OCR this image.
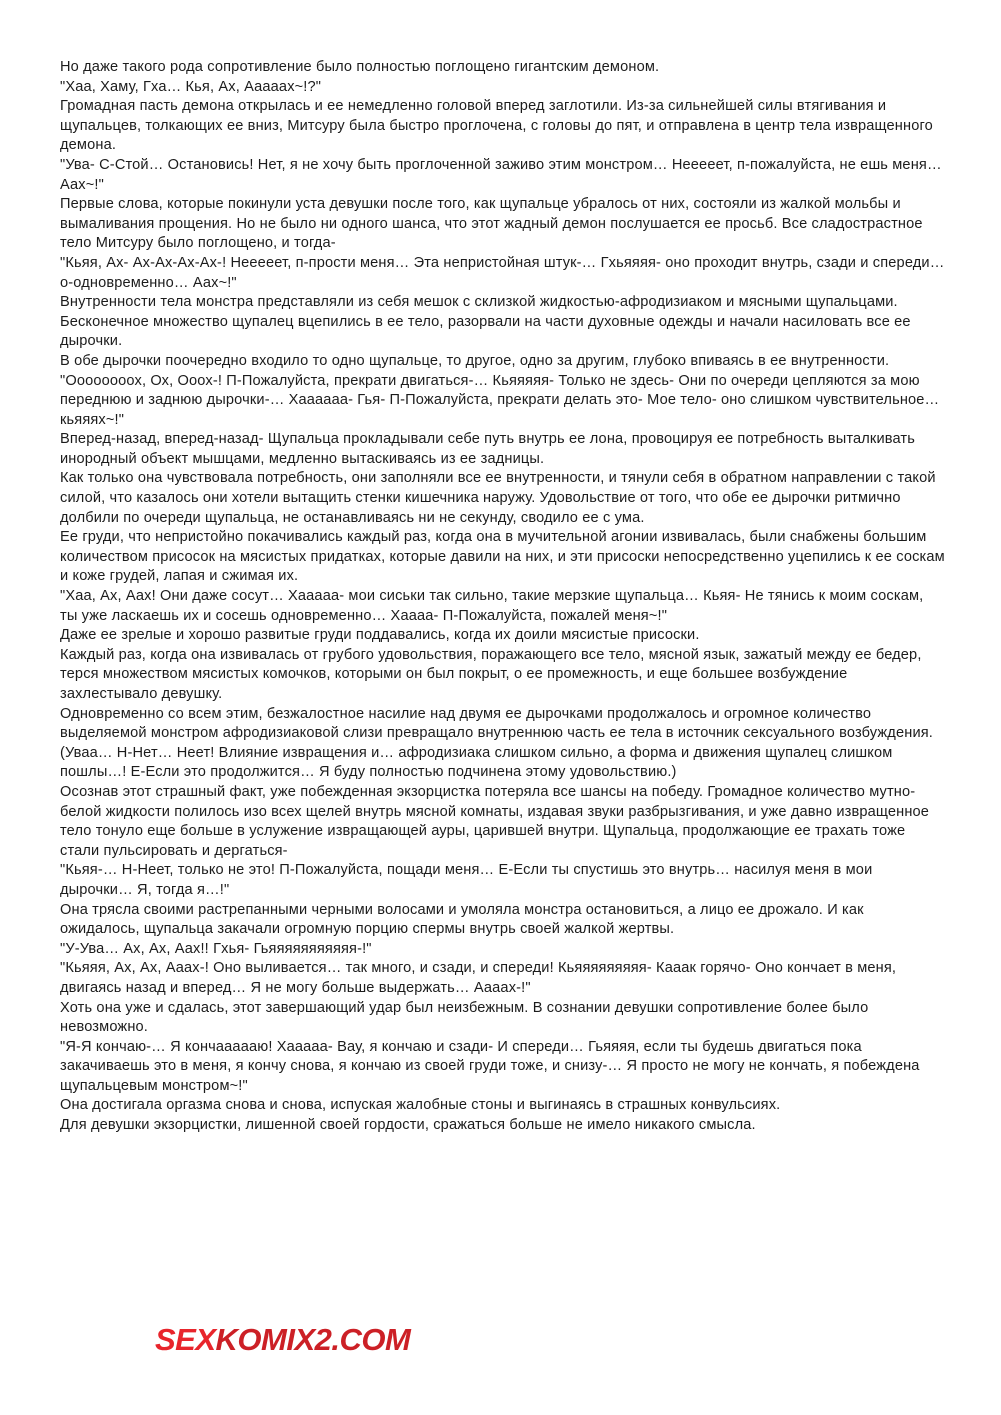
Но даже такого рода сопротивление было полностью поглощено гигантским демоном.

"Хаа, Хаму, Гха… Кья, Ах, Ааааах~!?"

Громадная пасть демона открылась и ее немедленно головой вперед заглотили. Из-за сильнейшей силы втягивания и щупальцев, толкающих ее вниз, Митсуру была быстро проглочена, с головы до пят, и отправлена в центр тела извращенного демона.

"Ува- С-Стой… Остановись! Нет, я не хочу быть проглоченной заживо этим монстром… Нееееет, п-пожалуйста, не ешь меня… Аах~!"

Первые слова, которые покинули уста девушки после того, как щупальце убралось от них, состояли из жалкой мольбы и вымаливания прощения. Но не было ни одного шанса, что этот жадный демон послушается ее просьб. Все сладострастное тело Митсуру было поглощено, и тогда-

"Кьяя, Ах- Ах-Ах-Ах-Ах-! Нееееет, п-прости меня… Эта непристойная штук-… Гхьяяяя- оно проходит внутрь, сзади и спереди… о-одновременно… Аах~!"

Внутренности тела монстра представляли из себя мешок с склизкой жидкостью-афродизиаком и мясными щупальцами. Бесконечное множество щупалец вцепились в ее тело, разорвали на части духовные одежды и начали насиловать все ее дырочки.

В обе дырочки поочередно входило то одно щупальце, то другое, одно за другим, глубоко впиваясь в ее внутренности.

"Оооооооох, Ох, Ооох-! П-Пожалуйста, прекрати двигаться-… Кьяяяяя- Только не здесь- Они по очереди цепляются за мою переднюю и заднюю дырочки-… Хаааааа- Гья- П-Пожалуйста, прекрати делать это- Мое тело- оно слишком чувствительное… кьяяях~!"

Вперед-назад, вперед-назад- Щупальца прокладывали себе путь внутрь ее лона, провоцируя ее потребность выталкивать инородный объект мышцами, медленно вытаскиваясь из ее задницы.

Как только она чувствовала потребность, они заполняли все ее внутренности, и тянули себя в обратном направлении с такой силой, что казалось они хотели вытащить стенки кишечника наружу. Удовольствие от того, что обе ее дырочки ритмично долбили по очереди щупальца, не останавливаясь ни не секунду, сводило ее с ума.

Ее груди, что непристойно покачивались каждый раз, когда она в мучительной агонии извивалась, были снабжены большим количеством присосок на мясистых придатках, которые давили на них, и эти присоски непосредственно уцепились к ее соскам и коже грудей, лапая и сжимая их.

"Хаа, Ах, Аах! Они даже сосут… Хааааа- мои сиськи так сильно, такие мерзкие щупальца… Кьяя- Не тянись к моим соскам, ты уже ласкаешь их и сосешь одновременно… Хаааа- П-Пожалуйста, пожалей меня~!"

Даже ее зрелые и хорошо развитые груди поддавались, когда их доили мясистые присоски.

Каждый раз, когда она извивалась от грубого удовольствия, поражающего все тело, мясной язык, зажатый между ее бедер, терся множеством мясистых комочков, которыми он был покрыт, о ее промежность, и еще большее возбуждение захлестывало девушку.

Одновременно со всем этим, безжалостное насилие над двумя ее дырочками продолжалось и огромное количество выделяемой монстром афродизиаковой слизи превращало внутреннюю часть ее тела в источник сексуального возбуждения.

(Уваа… Н-Нет… Неет! Влияние извращения и… афродизиака слишком сильно, а форма и движения щупалец слишком пошлы…! Е-Если это продолжится… Я буду полностью подчинена этому удовольствию.)

Осознав этот страшный факт, уже побежденная экзорцистка потеряла все шансы на победу. Громадное количество мутно-белой жидкости полилось изо всех щелей внутрь мясной комнаты, издавая звуки разбрызгивания, и уже давно извращенное тело тонуло еще больше в услужение извращающей ауры, царившей внутри. Щупальца, продолжающие ее трахать тоже стали пульсировать и дергаться-

"Кьяя-… Н-Неет, только не это! П-Пожалуйста, пощади меня… Е-Если ты спустишь это внутрь… насилуя меня в мои дырочки… Я, тогда я…!"

Она трясла своими растрепанными черными волосами и умоляла монстра остановиться, а лицо ее дрожало. И как ожидалось, щупальца закачали огромную порцию спермы внутрь своей жалкой жертвы.

"У-Ува… Ах, Ах, Аах!! Гхья- Гьяяяяяяяяяяя-!"

"Кьяяя, Ах, Ах, Ааах-! Оно выливается… так много, и сзади, и спереди! Кьяяяяяяяяя- Кааак горячо- Оно кончает в меня, двигаясь назад и вперед… Я не могу больше выдержать… Аааах-!"

Хоть она уже и сдалась, этот завершающий удар был неизбежным. В сознании девушки сопротивление более было невозможно.

"Я-Я кончаю-… Я кончаааааю! Хааааа- Вау, я кончаю и сзади- И спереди… Гьяяяя, если ты будешь двигаться пока закачиваешь это в меня, я кончу снова, я кончаю из своей груди тоже, и снизу-… Я просто не могу не кончать, я побеждена щупальцевым монстром~!"

Она достигала оргазма снова и снова, испуская жалобные стоны и выгинаясь в страшных конвульсиях.

Для девушки экзорцистки, лишенной своей гордости, сражаться больше не имело никакого смысла.

SEXKOMIX2.COM
